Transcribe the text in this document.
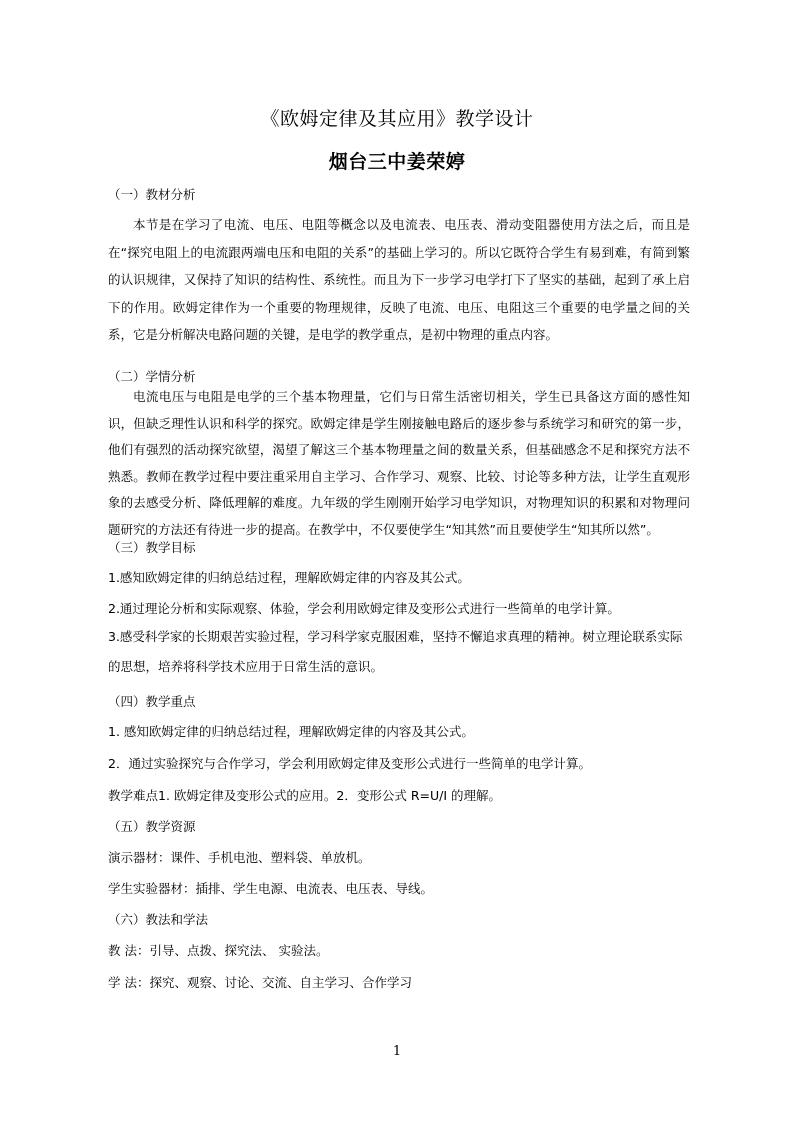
《欧姆定律及其应用》教学设计
烟台三中姜荣婷
（一）教材分析
本节是在学习了电流、电压、电阻等概念以及电流表、电压表、滑动变阻器使用方法之后，而且是在“探究电阻上的电流跟两端电压和电阻的关系”的基础上学习的。所以它既符合学生有易到难，有简到繁的认识规律，又保持了知识的结构性、系统性。而且为下一步学习电学打下了坚实的基础，起到了承上启下的作用。欧姆定律作为一个重要的物理规律，反映了电流、电压、电阻这三个重要的电学量之间的关系，它是分析解决电路问题的关键，是电学的教学重点，是初中物理的重点内容。
（二）学情分析
电流电压与电阻是电学的三个基本物理量，它们与日常生活密切相关，学生已具备这方面的感性知识，但缺乏理性认识和科学的探究。欧姆定律是学生刚接触电路后的逐步参与系统学习和研究的第一步，他们有强烈的活动探究欲望，渴望了解这三个基本物理量之间的数量关系，但基础感念不足和探究方法不熟悉。教师在教学过程中要注重采用自主学习、合作学习、观察、比较、讨论等多种方法，让学生直观形象的去感受分析、降低理解的难度。九年级的学生刚刚开始学习电学知识，对物理知识的积累和对物理问题研究的方法还有待进一步的提高。在教学中，不仅要使学生“知其然”而且要使学生“知其所以然”。
（三）教学目标
1.感知欧姆定律的归纳总结过程，理解欧姆定律的内容及其公式。
2.通过理论分析和实际观察、体验，学会利用欧姆定律及变形公式进行一些简单的电学计算。
3.感受科学家的长期艰苦实验过程，学习科学家克服困难，坚持不懈追求真理的精神。树立理论联系实际的思想，培养将科学技术应用于日常生活的意识。
（四）教学重点
1. 感知欧姆定律的归纳总结过程，理解欧姆定律的内容及其公式。
2．通过实验探究与合作学习，学会利用欧姆定律及变形公式进行一些简单的电学计算。
教学难点1. 欧姆定律及变形公式的应用。2．变形公式 R=U/I 的理解。
（五）教学资源
演示器材：课件、手机电池、塑料袋、单放机。
学生实验器材：插排、学生电源、电流表、电压表、导线。
（六）教法和学法
教 法：引导、点拨、探究法、 实验法。
学 法：探究、观察、讨论、交流、自主学习、合作学习
1
